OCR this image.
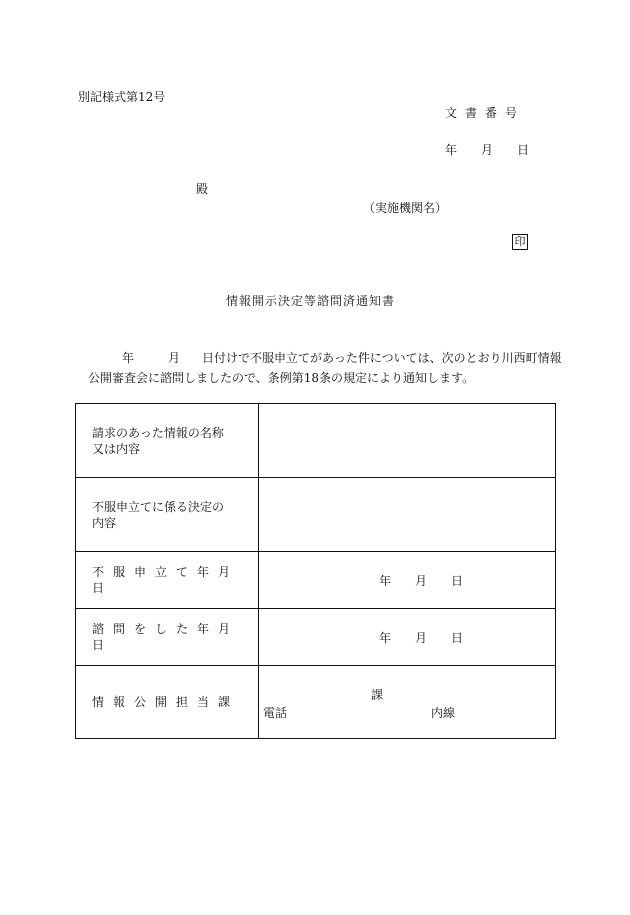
別記様式第12号
文書番号
年 月 日
殿
（実施機関名）
印
情報開示決定等諮問済通知書
年	月 日付けで不服申立てがあった件については、次のとおり川西町情報
公開審査会に諮問しましたので、条例第18条の規定により通知します。
請求のあった情報の名称
又は内容	

不服申立てに係る決定の
内容	

不服申立て年月日	年 月 日
諮問をした年月日	年 月 日
情報公開担当課	課
電話 内線
